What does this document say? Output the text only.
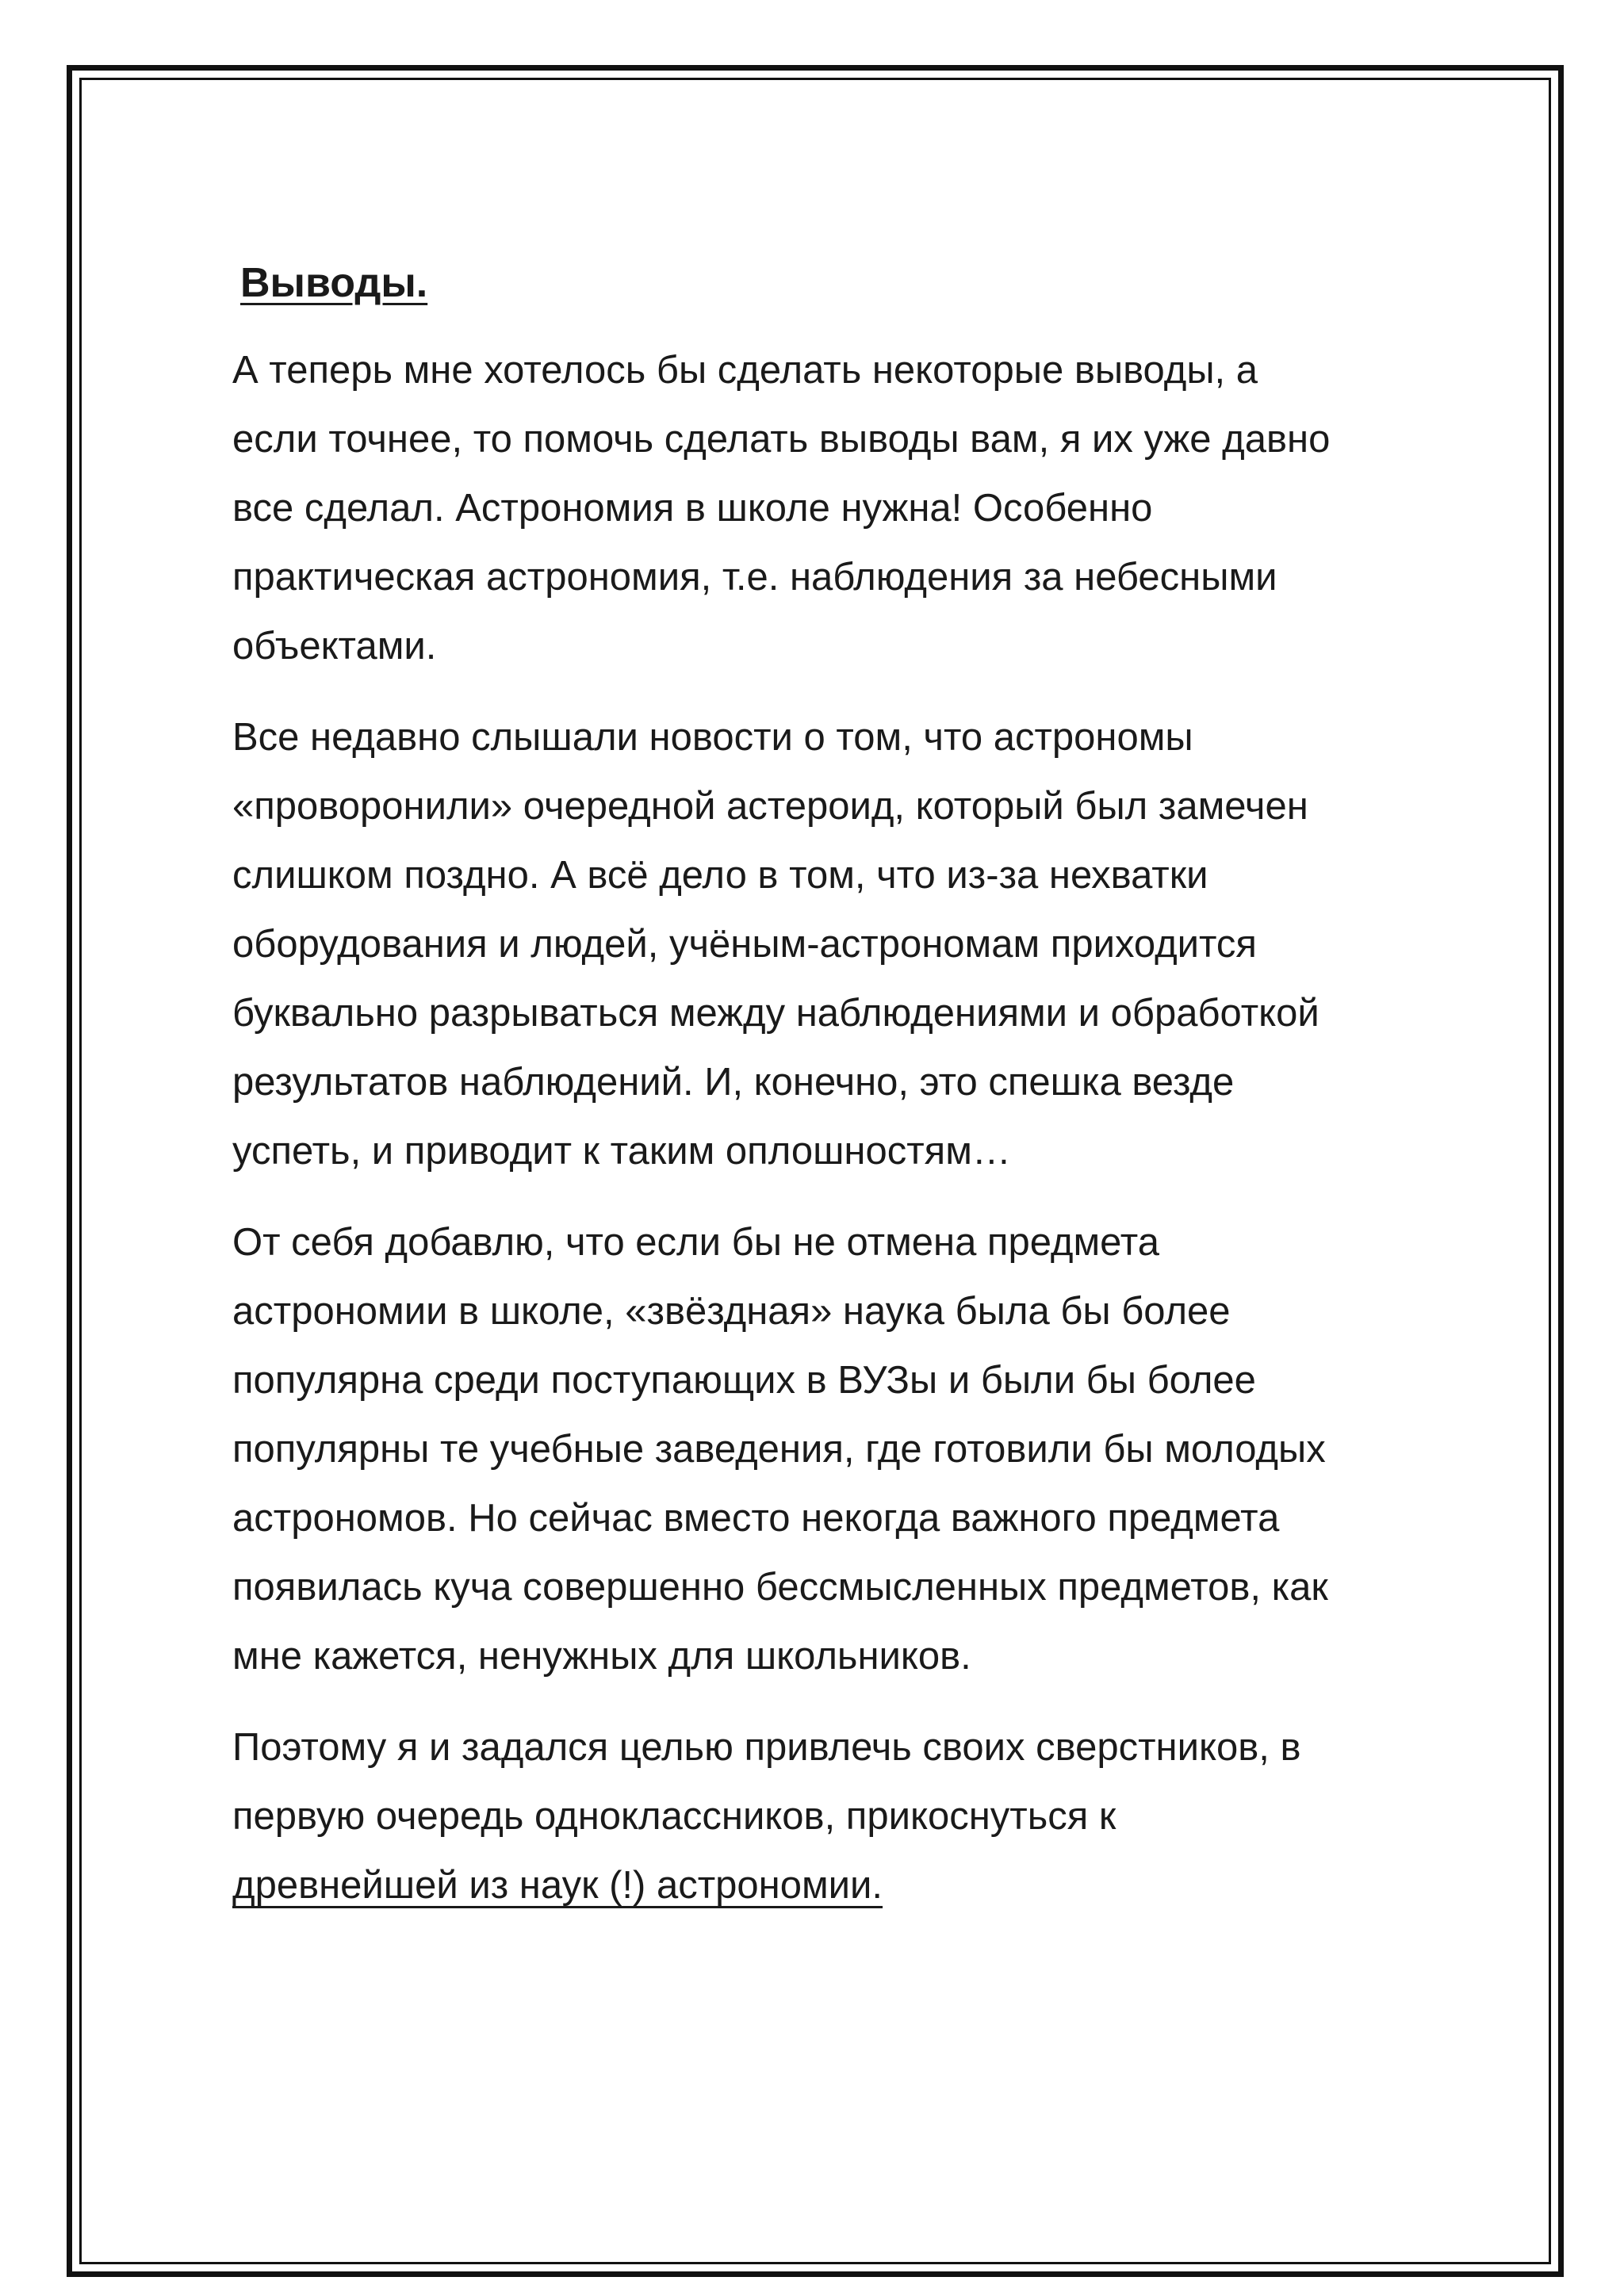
Выводы.

А теперь мне хотелось бы сделать некоторые выводы, а
если точнее, то помочь сделать выводы вам, я их уже давно
все сделал. Астрономия в школе нужна! Особенно
практическая астрономия, т.е. наблюдения за небесными
объектами.

Все недавно слышали новости о том, что астрономы
«проворонили» очередной астероид, который был замечен
слишком поздно. А всё дело в том, что из-за нехватки
оборудования и людей, учёным-астрономам приходится
буквально разрываться между наблюдениями и обработкой
результатов наблюдений. И, конечно, это спешка везде
успеть, и приводит к таким оплошностям…

От себя добавлю, что если бы не отмена предмета
астрономии в школе, «звёздная» наука была бы более
популярна среди поступающих в ВУЗы и были бы более
популярны те учебные заведения, где готовили бы молодых
астрономов. Но сейчас вместо некогда важного предмета
появилась куча совершенно бессмысленных предметов, как
мне кажется, ненужных для школьников.

Поэтому я и задался целью привлечь своих сверстников, в
первую очередь одноклассников, прикоснуться к
древнейшей из наук (!) астрономии.
